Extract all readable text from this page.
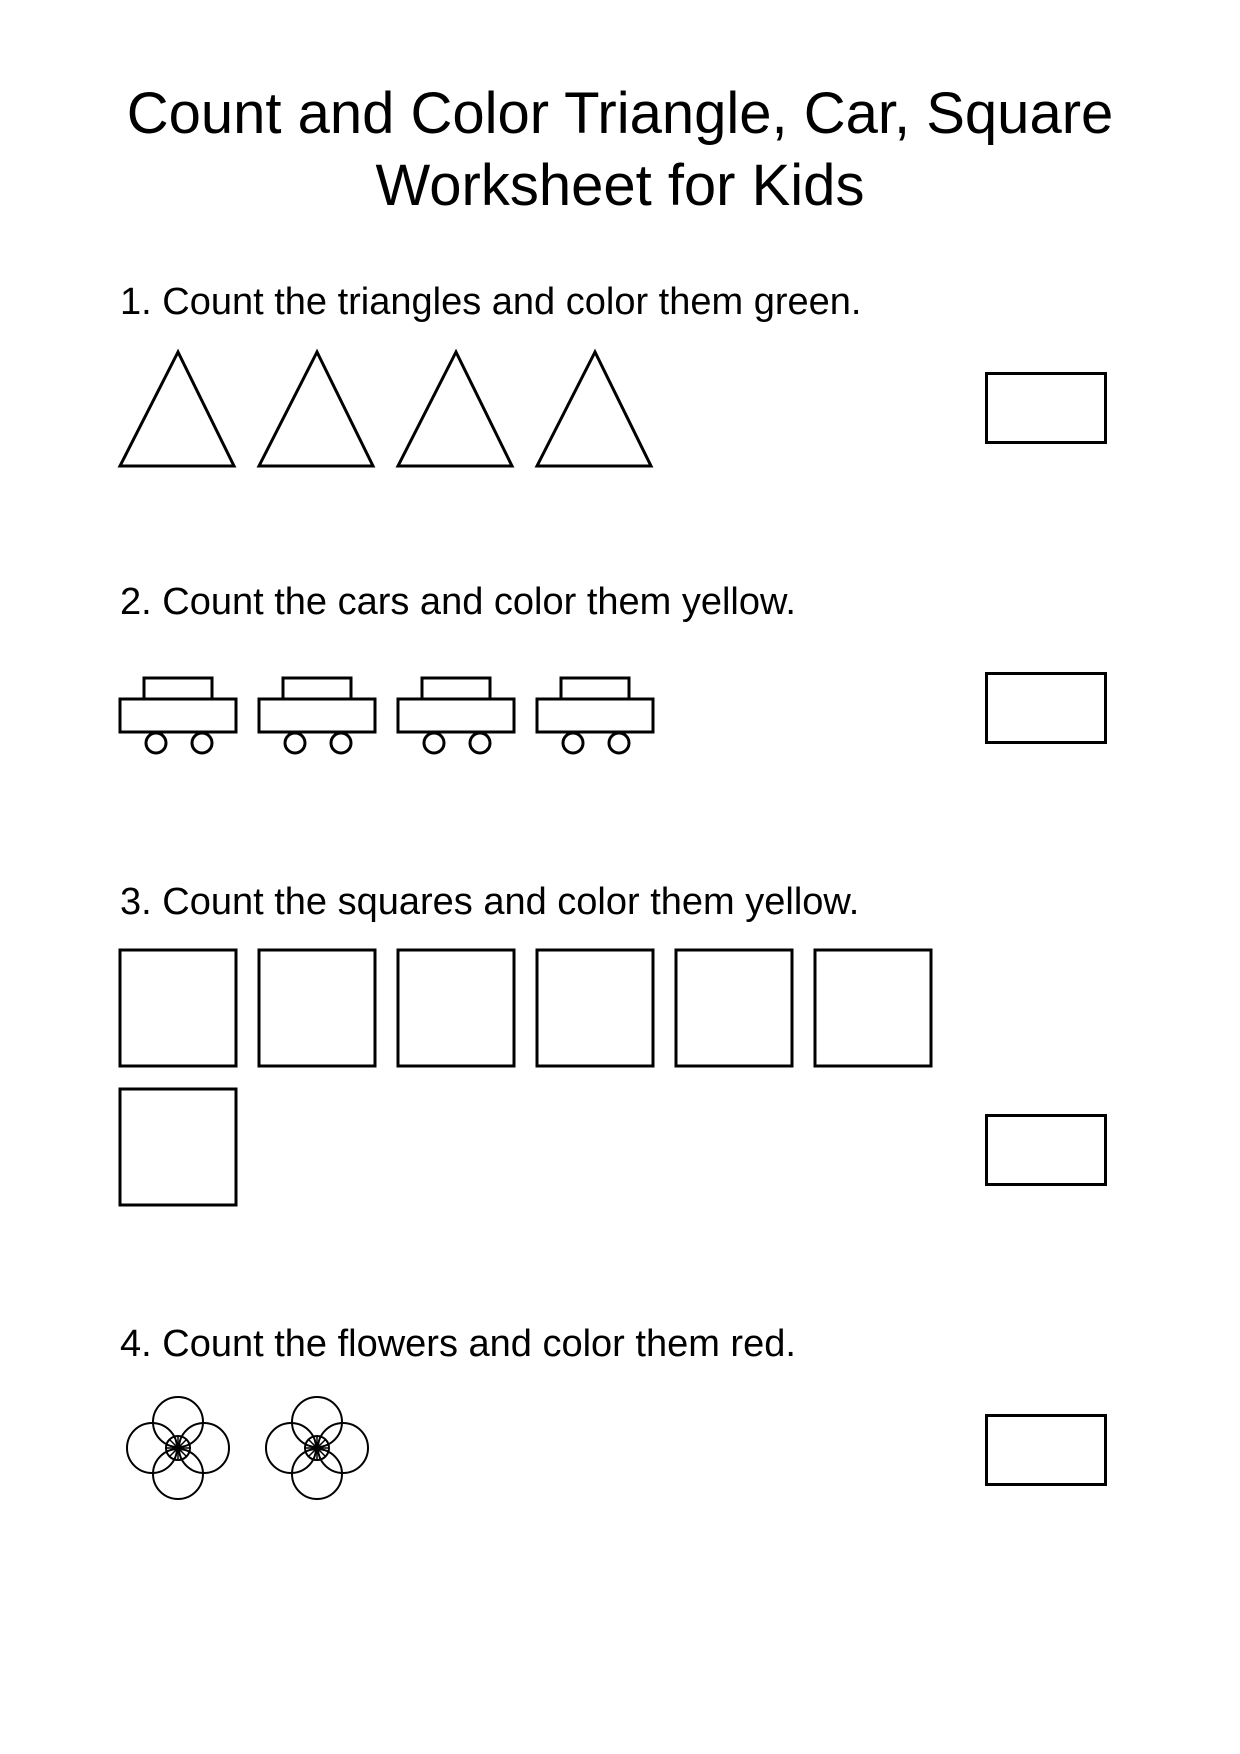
Count and Color Triangle, Car, Square
Worksheet for Kids

1. Count the triangles and color them green.

2. Count the cars and color them yellow.

3. Count the squares and color them yellow.

4. Count the flowers and color them red.
